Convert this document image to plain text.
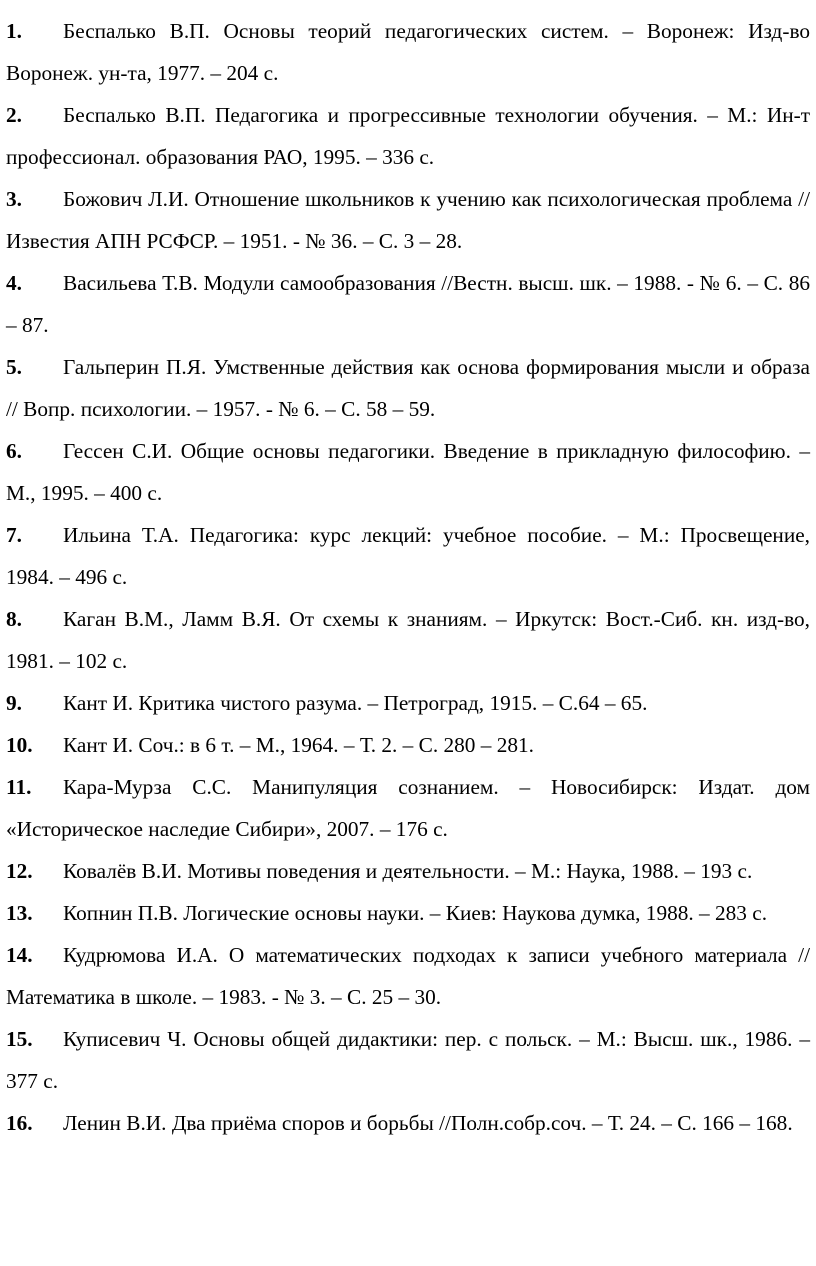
1. Беспалько В.П. Основы теорий педагогических систем. – Воронеж: Изд-во Воронеж. ун-та, 1977. – 204 с.
2. Беспалько В.П. Педагогика и прогрессивные технологии обучения. – М.: Ин-т профессионал. образования РАО, 1995. – 336 с.
3. Божович Л.И. Отношение школьников к учению как психологическая проблема // Известия АПН РСФСР. – 1951. - № 36. – С. 3 – 28.
4. Васильева Т.В. Модули самообразования //Вестн. высш. шк. – 1988. - № 6. – С. 86 – 87.
5. Гальперин П.Я. Умственные действия как основа формирования мысли и образа // Вопр. психологии. – 1957. - № 6. – С. 58 – 59.
6. Гессен С.И. Общие основы педагогики. Введение в прикладную философию. – М., 1995. – 400 с.
7. Ильина Т.А. Педагогика: курс лекций: учебное пособие. – М.: Просвещение, 1984. – 496 с.
8. Каган В.М., Ламм В.Я. От схемы к знаниям. – Иркутск: Вост.-Сиб. кн. изд-во, 1981. – 102 с.
9. Кант И. Критика чистого разума. – Петроград, 1915. – С.64 – 65.
10. Кант И. Соч.: в 6 т. – М., 1964. – Т. 2. – С. 280 – 281.
11. Кара-Мурза С.С. Манипуляция сознанием. – Новосибирск: Издат. дом «Историческое наследие Сибири», 2007. – 176 с.
12. Ковалёв В.И. Мотивы поведения и деятельности. – М.: Наука, 1988. – 193 с.
13. Копнин П.В. Логические основы науки. – Киев: Наукова думка, 1988. – 283 с.
14. Кудрюмова И.А. О математических подходах к записи учебного материала // Математика в школе. – 1983. - № 3. – С. 25 – 30.
15. Куписевич Ч. Основы общей дидактики: пер. с польск. – М.: Высш. шк., 1986. – 377 с.
16. Ленин В.И. Два приёма споров и борьбы //Полн.собр.соч. – Т. 24. – С. 166 – 168.
